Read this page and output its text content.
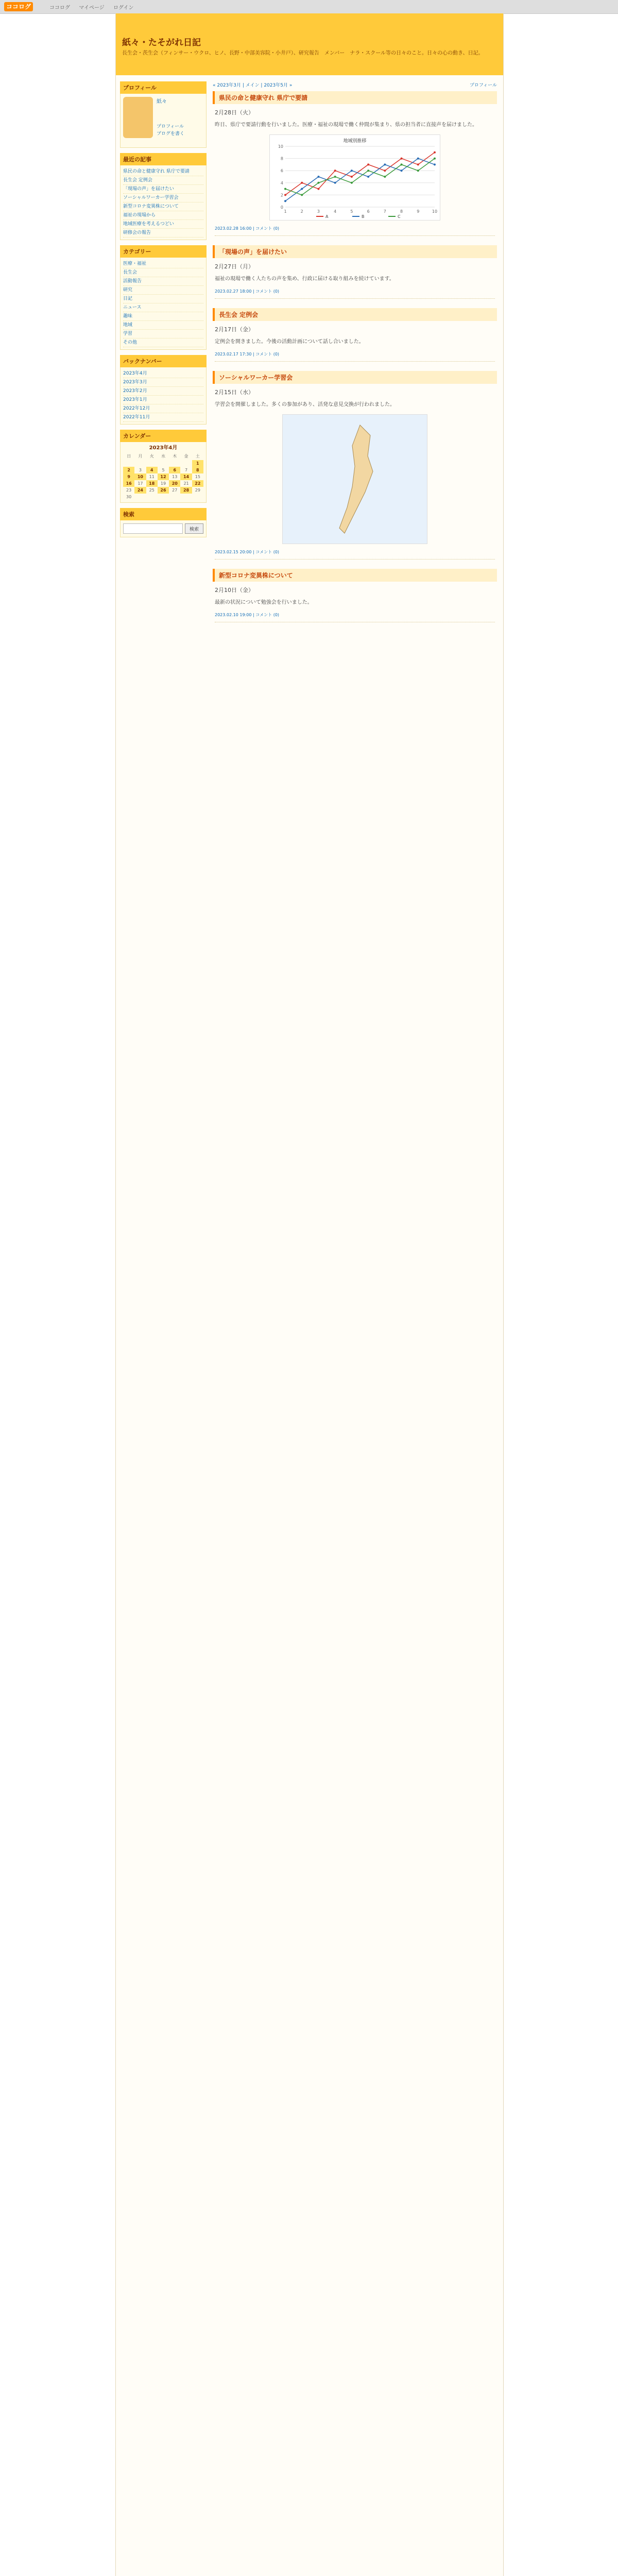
ココログ	ココログ マイページ ログイン
紙々・たそがれ日記
長生会・茨生会（フィンサー・ウクロ、ヒノ、長野・中部美容院・小井戸）、研究報告　メンバー　ナラ・スクール等の日々のこと。日々の心の動き、日記。
プロフィール
紙々
プロフィール
ブログを書く
最近の記事
県民の命と健康守れ 県庁で要請
長生会 定例会
「現場の声」を届けたい
ソーシャルワーカー学習会
新型コロナ変異株について
福祉の現場から
地域医療を考えるつどい
研修会の報告
カテゴリー
医療・福祉
長生会
活動報告
研究
日記
ニュース
趣味
地域
学習
その他
バックナンバー
2023年4月
2023年3月
2023年2月
2023年1月
2022年12月
2022年11月
カレンダー
2023年4月
日	月	火	水	木	金	土
						1
2	3	4	5	6	7	8
9	10	11	12	13	14	15
16	17	18	19	20	21	22
23	24	25	26	27	28	29
30						
検索
検索
« 2023年3月 | メイン | 2023年5月 »	プロフィール
県民の命と健康守れ 県庁で要請
2月28日（火）
昨日、県庁で要請行動を行いました。医療・福祉の現場で働く仲間が集まり、県の担当者に直接声を届けました。
地域別推移
0
2
4
6
8
10
1	2	3	4	5	6	7	8	9	10
A	B	C
2023.02.28 16:00 | コメント (0)
「現場の声」を届けたい
2月27日（月）
福祉の現場で働く人たちの声を集め、行政に届ける取り組みを続けています。
2023.02.27 18:00 | コメント (0)
長生会 定例会
2月17日（金）
定例会を開きました。今後の活動計画について話し合いました。
2023.02.17 17:30 | コメント (0)
ソーシャルワーカー学習会
2月15日（水）
学習会を開催しました。多くの参加があり、活発な意見交換が行われました。
2023.02.15 20:00 | コメント (0)
新型コロナ変異株について
2月10日（金）
最新の状況について勉強会を行いました。
2023.02.10 19:00 | コメント (0)
